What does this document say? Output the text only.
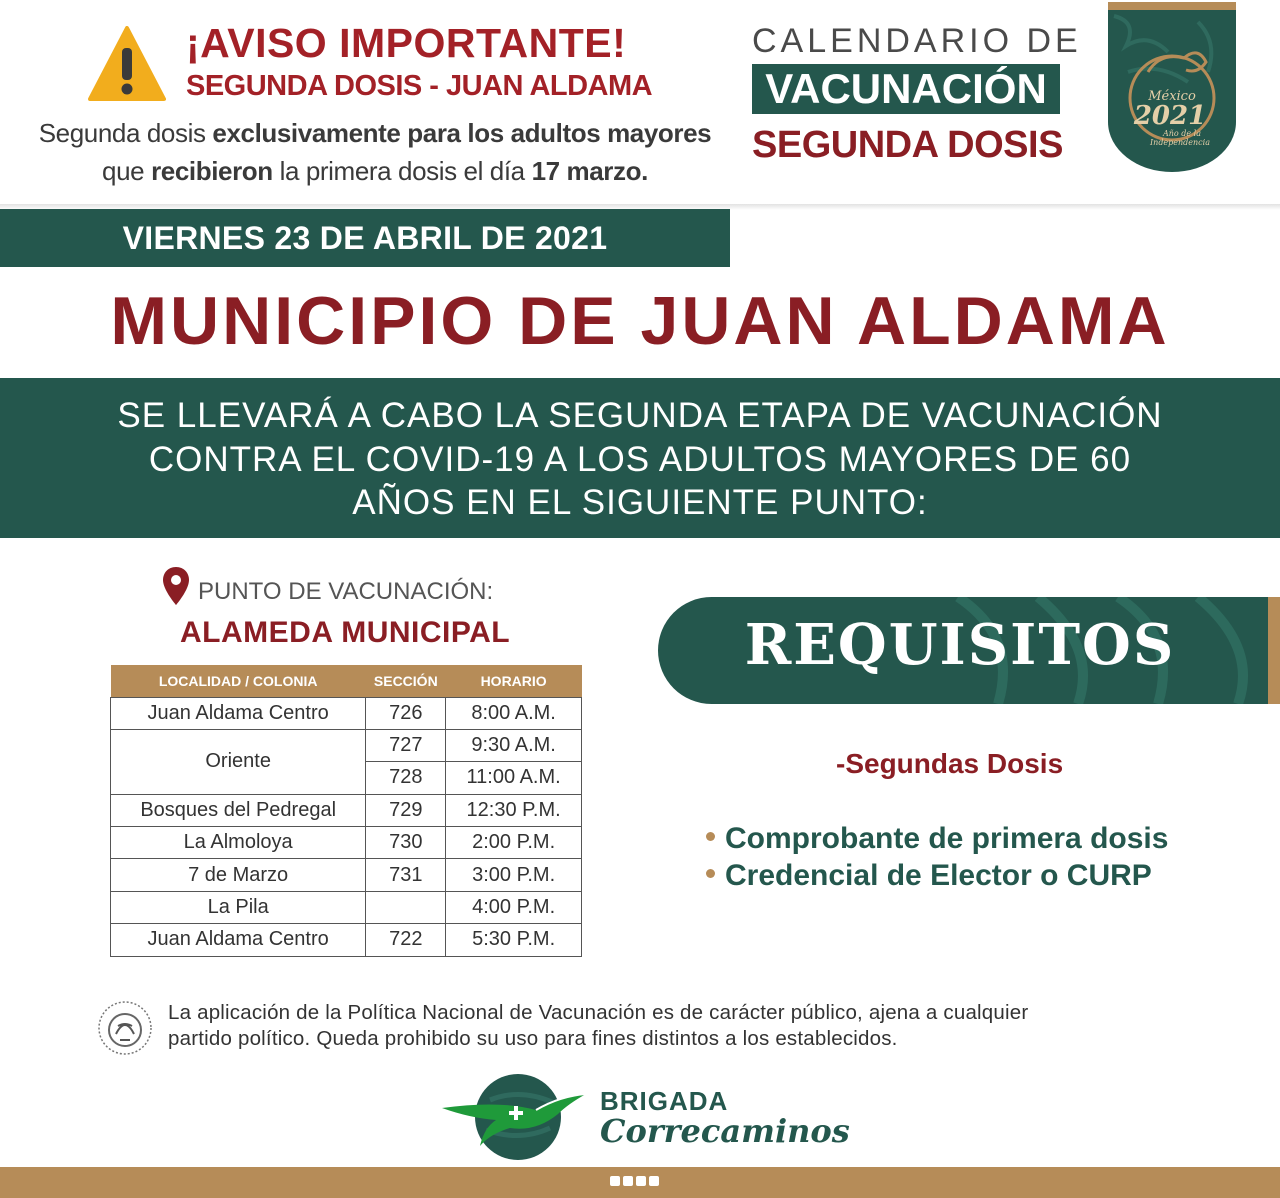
¡AVISO IMPORTANTE!
SEGUNDA DOSIS - JUAN ALDAMA
Segunda dosis exclusivamente para los adultos mayores que recibieron la primera dosis el día 17 marzo.
CALENDARIO DE
VACUNACIÓN
SEGUNDA DOSIS
México
2021
Año de la
Independencia
VIERNES 23 DE ABRIL DE 2021
MUNICIPIO DE JUAN ALDAMA
SE LLEVARÁ A CABO LA SEGUNDA ETAPA DE VACUNACIÓN
CONTRA EL COVID-19 A LOS ADULTOS MAYORES DE 60
AÑOS EN EL SIGUIENTE PUNTO:
PUNTO DE VACUNACIÓN:
ALAMEDA MUNICIPAL
LOCALIDAD / COLONIA	SECCIÓN	HORARIO
Juan Aldama Centro	726	8:00 A.M.
Oriente	727	9:30 A.M.
	728	11:00 A.M.
Bosques del Pedregal	729	12:30 P.M.
La Almoloya	730	2:00 P.M.
7 de Marzo	731	3:00 P.M.
La Pila		4:00 P.M.
Juan Aldama Centro	722	5:30 P.M.
REQUISITOS
-Segundas Dosis
Comprobante de primera dosis
Credencial de Elector o CURP
La aplicación de la Política Nacional de Vacunación es de carácter público, ajena a cualquier
partido político. Queda prohibido su uso para fines distintos a los establecidos.
BRIGADA
Correcaminos
